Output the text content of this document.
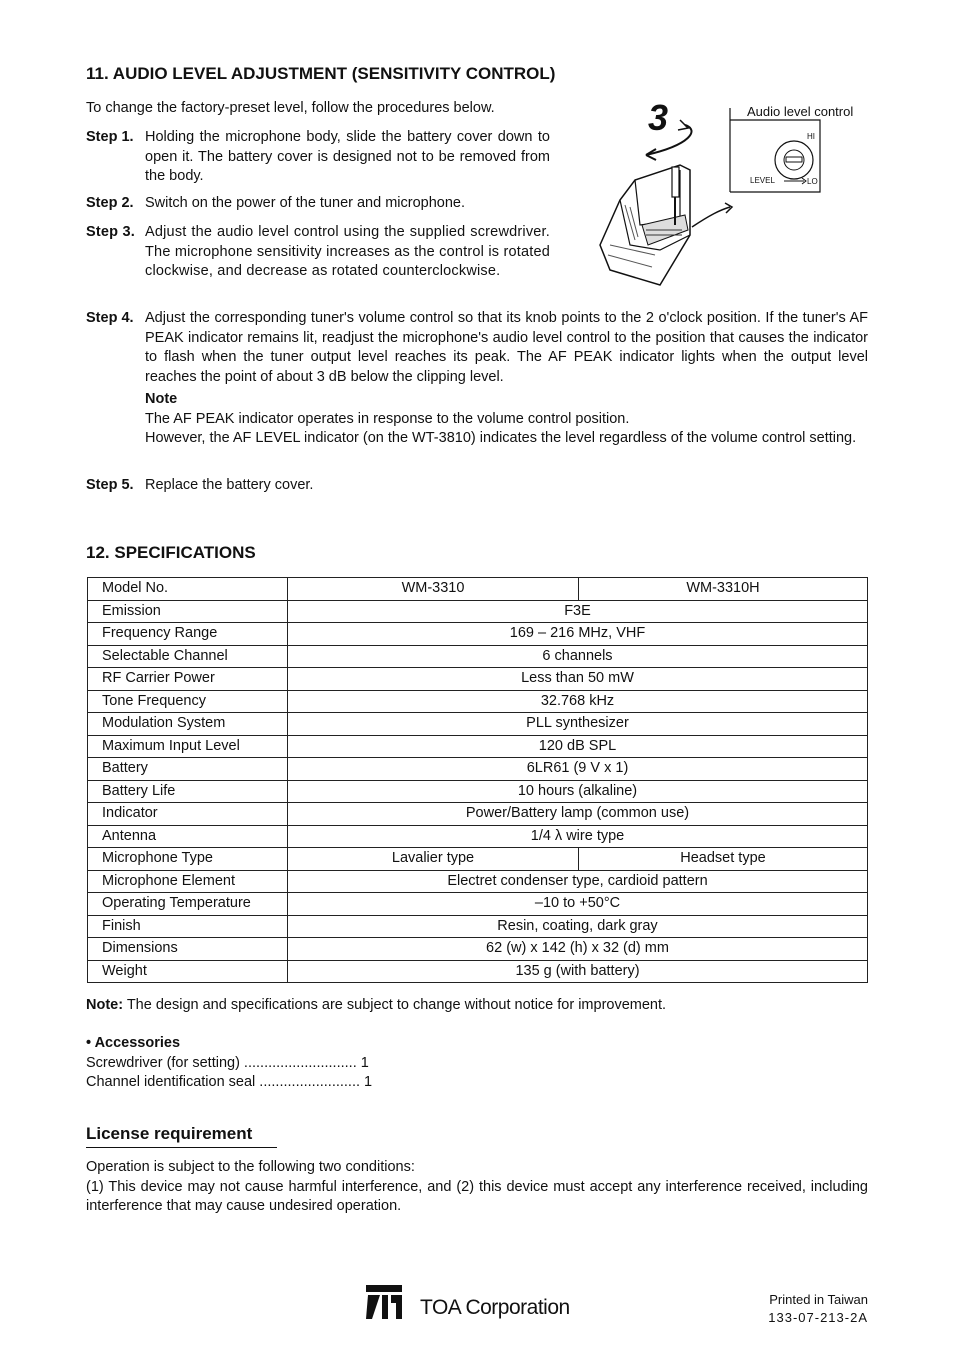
11. AUDIO LEVEL ADJUSTMENT (SENSITIVITY CONTROL)
To change the factory-preset level, follow the procedures below.
Step 1. Holding the microphone body, slide the battery cover down to open it. The battery cover is designed not to be removed from the body.
Step 2. Switch on the power of the tuner and microphone.
Step 3. Adjust the audio level control using the supplied screwdriver. The microphone sensitivity increases as the control is rotated clockwise, and decrease as rotated counterclockwise.
Step 4. Adjust the corresponding tuner's volume control so that its knob points to the 2 o'clock position. If the tuner's AF PEAK indicator remains lit, readjust the microphone's audio level control to the position that causes the indicator to flash when the tuner output level reaches its peak. The AF PEAK indicator lights when the output level reaches the point of about 3 dB below the clipping level.
Note
The AF PEAK indicator operates in response to the volume control position.
However, the AF LEVEL indicator (on the WT-3810) indicates the level regardless of the volume control setting.
Step 5. Replace the battery cover.
3	Audio level control
HI
LO
LEVEL
12. SPECIFICATIONS
Model No.	WM-3310	WM-3310H
Emission	F3E	
Frequency Range	169 – 216 MHz, VHF	
Selectable Channel	6 channels	
RF Carrier Power	Less than 50 mW	
Tone Frequency	32.768 kHz	
Modulation System	PLL synthesizer	
Maximum Input Level	120 dB SPL	
Battery	6LR61 (9 V x 1)	
Battery Life	10 hours (alkaline)	
Indicator	Power/Battery lamp (common use)	
Antenna	1/4 λ wire type	
Microphone Type	Lavalier type	Headset type
Microphone Element	Electret condenser type, cardioid pattern	
Operating Temperature	–10 to +50°C	
Finish	Resin, coating, dark gray	
Dimensions	62 (w) x 142 (h) x 32 (d) mm	
Weight	135 g (with battery)	
Note: The design and specifications are subject to change without notice for improvement.
• Accessories
Screwdriver (for setting) ............................ 1
Channel identification seal ......................... 1
License requirement
Operation is subject to the following two conditions:
(1) This device may not cause harmful interference, and (2) this device must accept any interference received, including interference that may cause undesired operation.
TOA Corporation	Printed in Taiwan
133-07-213-2A
